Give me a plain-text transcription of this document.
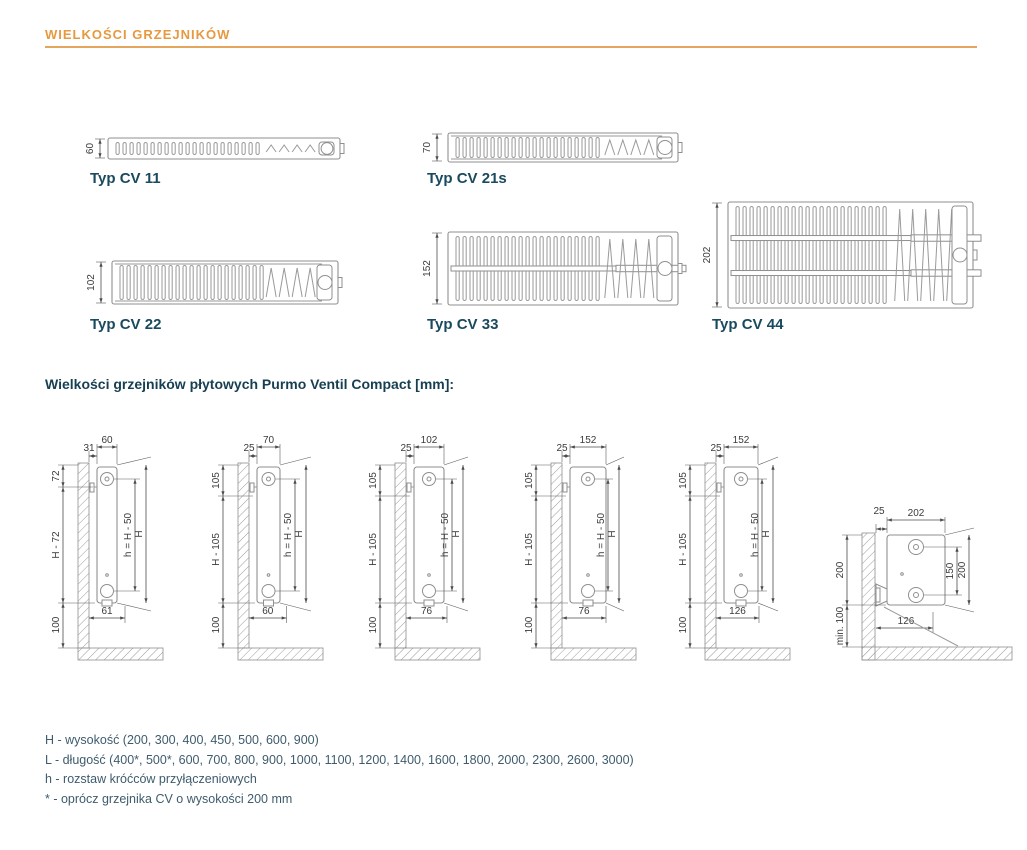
WIELKOŚCI GRZEJNIKÓW
Typ CV 11	Typ CV 21s
Typ CV 22	Typ CV 33	Typ CV 44
Wielkości grzejników płytowych Purmo Ventil Compact [mm]:
60	70
102
152
202
72
H - 72
100
60
31
h = H - 50 H
61
105
H - 105
100
70
25
h = H - 50 H
60
105
H - 105
100
102
25
h = H - 50 H
76
105
H - 105
100
152
25
h = H - 50 H
76
105
H - 105
100
152
25
h = H - 50 H
126
202
25
200
min. 100
150 200
126
H - wysokość (200, 300, 400, 450, 500, 600, 900)
L - długość (400*, 500*, 600, 700, 800, 900, 1000, 1100, 1200, 1400, 1600, 1800, 2000, 2300, 2600, 3000)
h - rozstaw króćców przyłączeniowych
* - oprócz grzejnika CV o wysokości 200 mm
